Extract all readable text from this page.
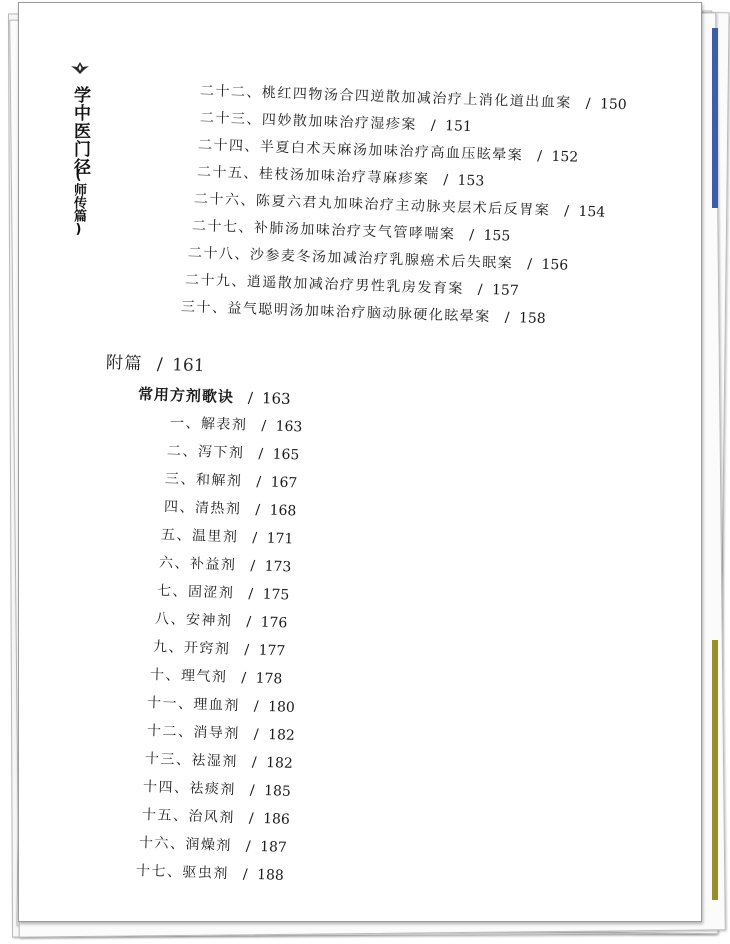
学中医门径
(师传篇)
二十二、桃红四物汤合四逆散加减治疗上消化道出血案 / 150
二十三、四妙散加味治疗湿疹案 / 151
二十四、半夏白术天麻汤加味治疗高血压眩晕案 / 152
二十五、桂枝汤加味治疗荨麻疹案 / 153
二十六、陈夏六君丸加味治疗主动脉夹层术后反胃案 / 154
二十七、补肺汤加味治疗支气管哮喘案 / 155
二十八、沙参麦冬汤加减治疗乳腺癌术后失眠案 / 156
二十九、逍遥散加减治疗男性乳房发育案 / 157
三十、益气聪明汤加味治疗脑动脉硬化眩晕案 / 158
附篇 / 161
常用方剂歌诀 / 163
一、解表剂 / 163
二、泻下剂 / 165
三、和解剂 / 167
四、清热剂 / 168
五、温里剂 / 171
六、补益剂 / 173
七、固涩剂 / 175
八、安神剂 / 176
九、开窍剂 / 177
十、理气剂 / 178
十一、理血剂 / 180
十二、消导剂 / 182
十三、祛湿剂 / 182
十四、祛痰剂 / 185
十五、治风剂 / 186
十六、润燥剂 / 187
十七、驱虫剂 / 188
